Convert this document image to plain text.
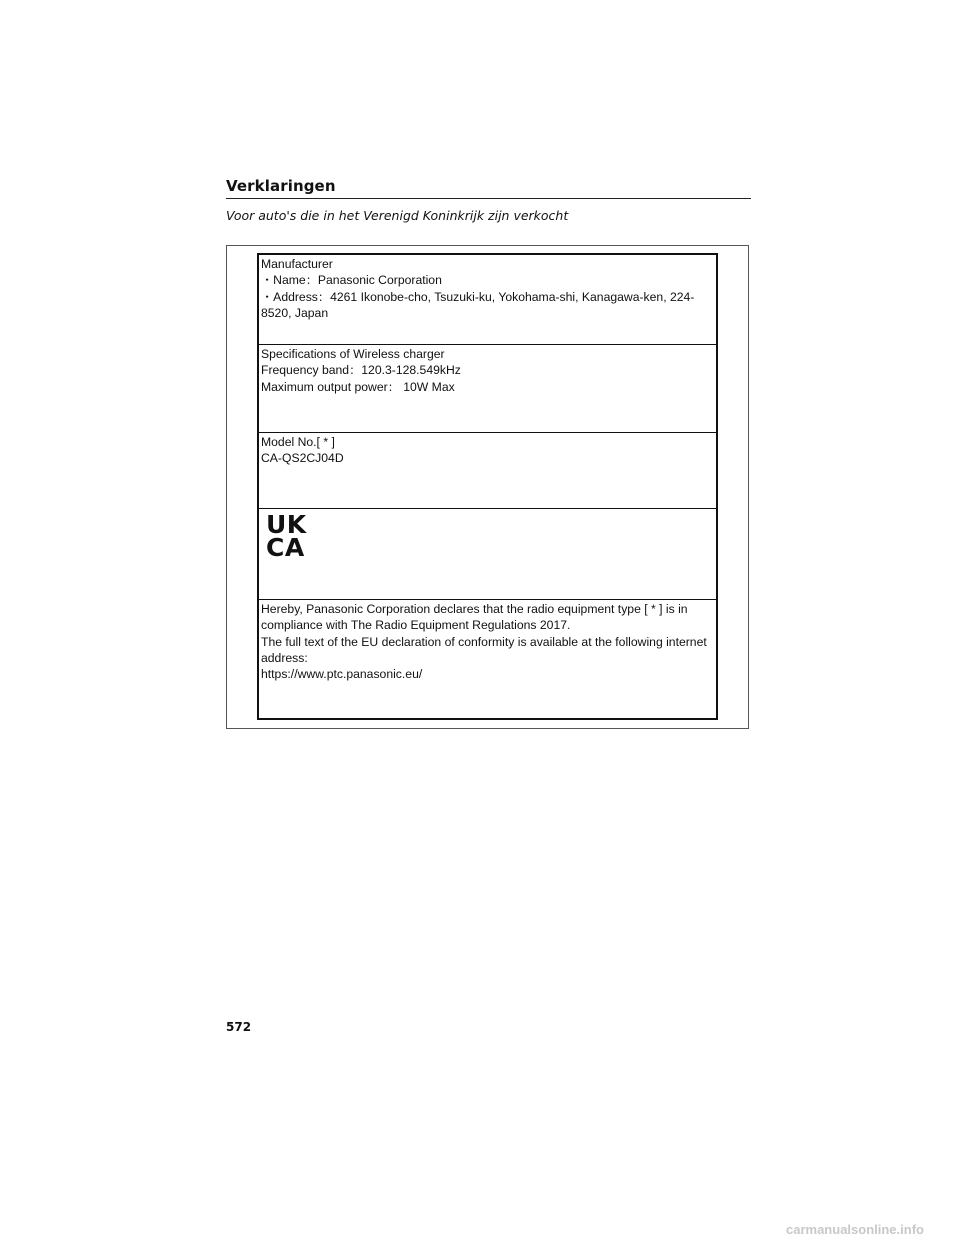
Verklaringen
Voor auto's die in het Verenigd Koninkrijk zijn verkocht
Manufacturer
・Name：Panasonic Corporation
・Address：4261 Ikonobe-cho, Tsuzuki-ku, Yokohama-shi, Kanagawa-ken, 224-8520, Japan
Specifications of Wireless charger
Frequency band：120.3-128.549kHz
Maximum output power： 10W Max
Model No.[ * ]
CA-QS2CJ04D
UK
CA
Hereby, Panasonic Corporation declares that the radio equipment type [ * ] is in compliance with The Radio Equipment Regulations 2017.
The full text of the EU declaration of conformity is available at the following internet address:
https://www.ptc.panasonic.eu/
572
carmanualsonline.info
